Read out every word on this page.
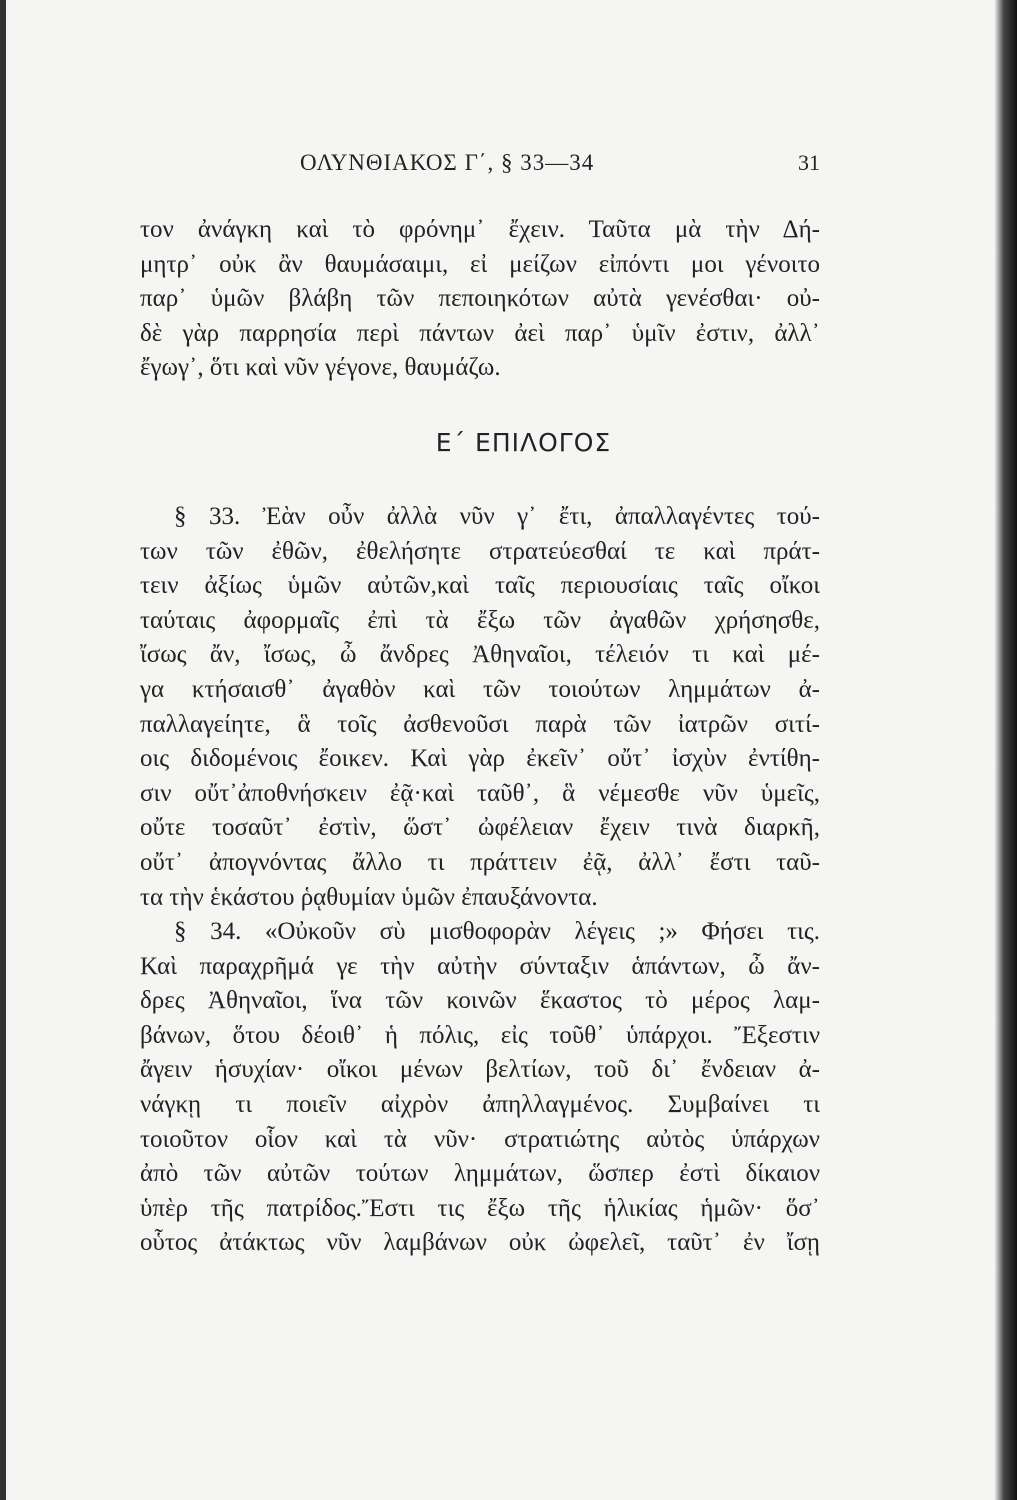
ΟΛΥΝΘΙΑΚΟΣ Γ΄, § 33—34	31
τον ἀνάγκη καὶ τὸ φρόνημ᾿ ἔχειν. Ταῦτα μὰ τὴν Δή-
μητρ᾿ οὐκ ἂν θαυμάσαιμι, εἰ μείζων εἰπόντι μοι γένοιτο
παρ᾿ ὑμῶν βλάβη τῶν πεποιηκότων αὐτὰ γενέσθαι· οὐ-
δὲ γὰρ παρρησία περὶ πάντων ἀεὶ παρ᾿ ὑμῖν ἐστιν, ἀλλ᾿
ἔγωγ᾿, ὅτι καὶ νῦν γέγονε, θαυμάζω.
Ε΄ ΕΠΙΛΟΓΟΣ
§ 33. Ἐὰν οὖν ἀλλὰ νῦν γ᾿ ἔτι, ἀπαλλαγέντες τού-
των τῶν ἐθῶν, ἐθελήσητε στρατεύεσθαί τε καὶ πράτ-
τειν ἀξίως ὑμῶν αὐτῶν,καὶ ταῖς περιουσίαις ταῖς οἴκοι
ταύταις ἀφορμαῖς ἐπὶ τὰ ἔξω τῶν ἀγαθῶν χρήσησθε,
ἴσως ἄν, ἴσως, ὦ ἄνδρες Ἀθηναῖοι, τέλειόν τι καὶ μέ-
γα κτήσαισθ᾿ ἀγαθὸν καὶ τῶν τοιούτων λημμάτων ἀ-
παλλαγείητε, ἃ τοῖς ἀσθενοῦσι παρὰ τῶν ἰατρῶν σιτί-
οις διδομένοις ἔοικεν. Καὶ γὰρ ἐκεῖν᾿ οὔτ᾿ ἰσχὺν ἐντίθη-
σιν οὔτ᾿ἀποθνήσκειν ἐᾷ·καὶ ταῦθ᾿, ἃ νέμεσθε νῦν ὑμεῖς,
οὔτε τοσαῦτ᾿ ἐστὶν, ὥστ᾿ ὠφέλειαν ἔχειν τινὰ διαρκῆ,
οὔτ᾿ ἀπογνόντας ἄλλο τι πράττειν ἐᾷ, ἀλλ᾿ ἔστι ταῦ-
τα τὴν ἑκάστου ῥᾳθυμίαν ὑμῶν ἐπαυξάνοντα.
§ 34. «Οὐκοῦν σὺ μισθοφορὰν λέγεις ;» Φήσει τις.
Καὶ παραχρῆμά γε τὴν αὐτὴν σύνταξιν ἁπάντων, ὦ ἄν-
δρες Ἀθηναῖοι, ἵνα τῶν κοινῶν ἕκαστος τὸ μέρος λαμ-
βάνων, ὅτου δέοιθ᾿ ἡ πόλις, εἰς τοῦθ᾿ ὑπάρχοι. Ἔξεστιν
ἄγειν ἡσυχίαν· οἴκοι μένων βελτίων, τοῦ δι᾿ ἔνδειαν ἀ-
νάγκῃ τι ποιεῖν αἰχρὸν ἀπηλλαγμένος. Συμβαίνει τι
τοιοῦτον οἷον καὶ τὰ νῦν· στρατιώτης αὐτὸς ὑπάρχων
ἀπὸ τῶν αὐτῶν τούτων λημμάτων, ὥσπερ ἐστὶ δίκαιον
ὑπὲρ τῆς πατρίδος.Ἔστι τις ἔξω τῆς ἡλικίας ἡμῶν· ὅσ᾿
οὗτος ἀτάκτως νῦν λαμβάνων οὐκ ὠφελεῖ, ταῦτ᾿ ἐν ἴσῃ
